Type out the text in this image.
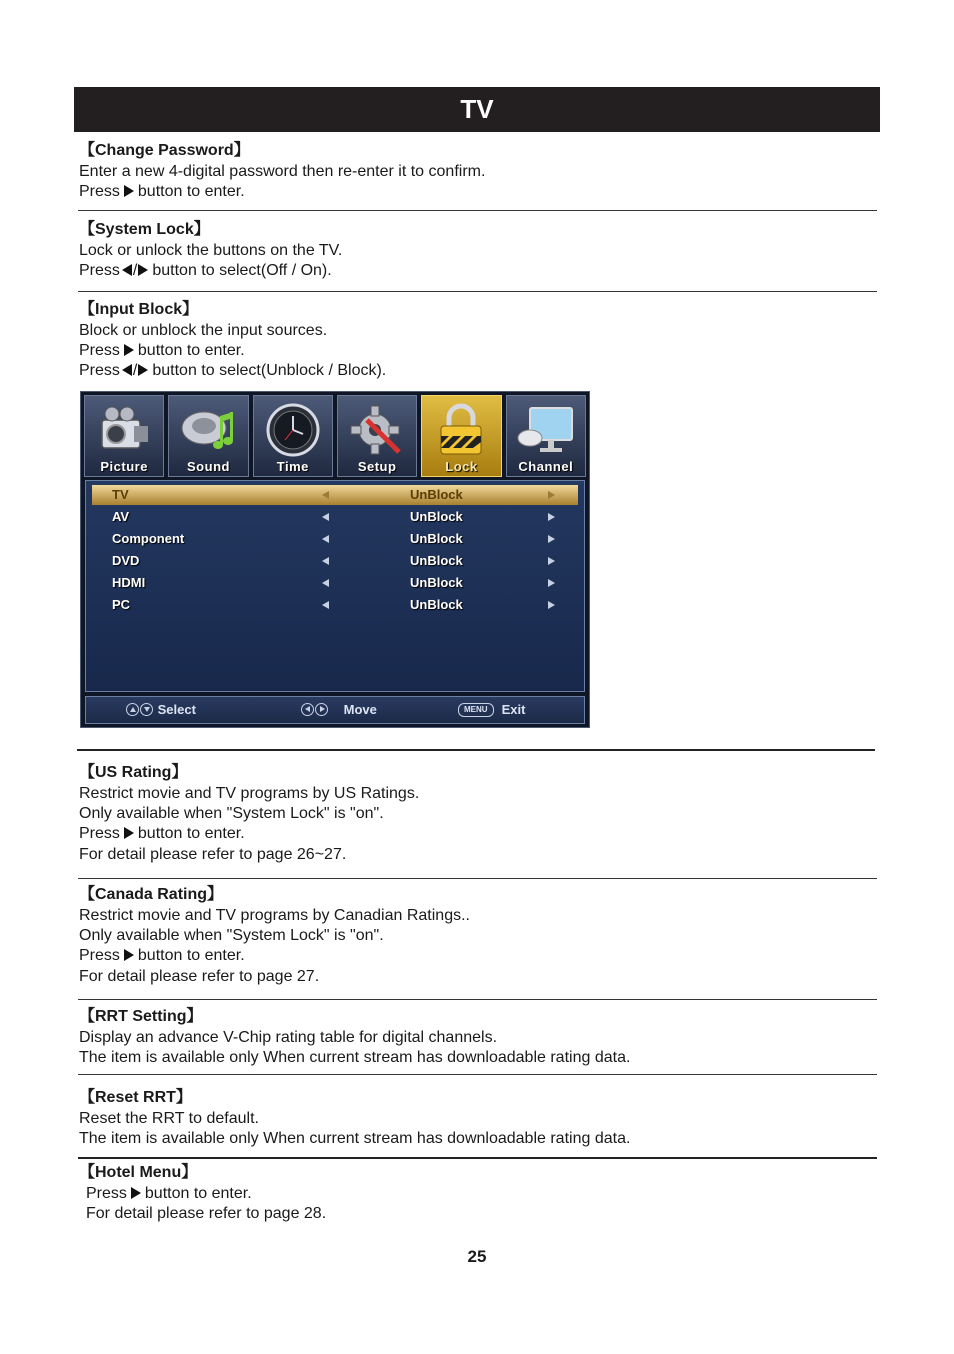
TV
【Change Password】
Enter a new 4-digital password then re-enter it to confirm.
Press button to enter.
【System Lock】
Lock or unlock the buttons on the TV.
Press / button to select(Off / On).
【Input Block】
Block or unblock the input sources.
Press button to enter.
Press / button to select(Unblock / Block).
Picture	Sound	Time	Setup	Lock	Channel
TV	UnBlock
AV	UnBlock
Component	UnBlock
DVD	UnBlock
HDMI	UnBlock
PC	UnBlock
Select	Move	MENU Exit
【US Rating】
Restrict movie and TV programs by US Ratings.
Only available when "System Lock" is "on".
Press button to enter.
For detail please refer to page 26~27.
【Canada Rating】
Restrict movie and TV programs by Canadian Ratings..
Only available when "System Lock" is "on".
Press button to enter.
For detail please refer to page 27.
【RRT Setting】
Display an advance V-Chip rating table for digital channels.
The item is available only When current stream has downloadable rating data.
【Reset RRT】
Reset the RRT to default.
The item is available only When current stream has downloadable rating data.
【Hotel Menu】
Press button to enter.
For detail please refer to page 28.
25
